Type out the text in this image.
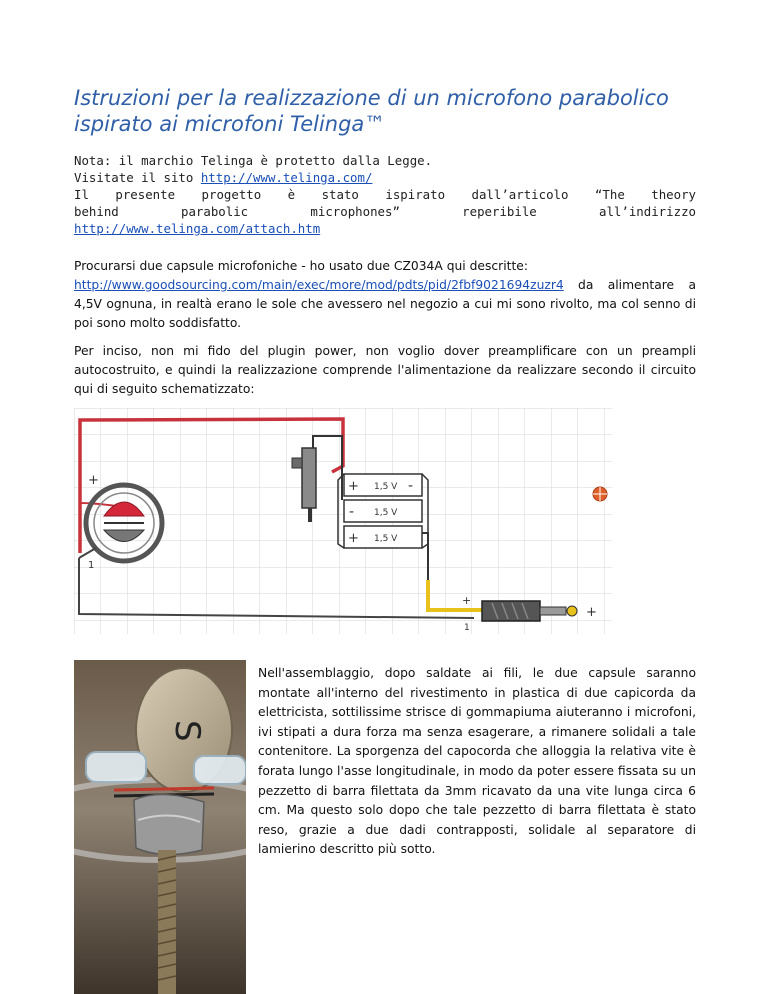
Istruzioni per la realizzazione di un microfono parabolico ispirato ai microfoni Telinga™
Nota: il marchio Telinga è protetto dalla Legge.
Visitate il sito http://www.telinga.com/
Il presente progetto è stato ispirato dall’articolo “The theory
behind parabolic microphones” reperibile all’indirizzo
http://www.telinga.com/attach.htm
Procurarsi due capsule microfoniche - ho usato due CZ034A qui descritte:
http://www.goodsourcing.com/main/exec/more/mod/pdts/pid/2fbf9021694zuzr4 da alimentare a 4,5V ognuna, in realtà erano le sole che avessero nel negozio a cui mi sono rivolto, ma col senno di poi sono molto soddisfatto.
Per inciso, non mi fido del plugin power, non voglio dover preamplificare con un preampli autocostruito, e quindi la realizzazione comprende l'alimentazione da realizzare secondo il circuito qui di seguito schematizzato:
+
1
1,5 V
1,5 V
1,5 V
+
-
+
-
+
1
+
S
Nell'assemblaggio, dopo saldate ai fili, le due capsule saranno montate all'interno del rivestimento in plastica di due capicorda da elettricista, sottilissime strisce di gommapiuma aiuteranno i microfoni, ivi stipati a dura forza ma senza esagerare, a rimanere solidali a tale contenitore. La sporgenza del capocorda che alloggia la relativa vite è forata lungo l'asse longitudinale, in modo da poter essere fissata su un pezzetto di barra filettata da 3mm ricavato da una vite lunga circa 6 cm. Ma questo solo dopo che tale pezzetto di barra filettata è stato reso, grazie a due dadi contrapposti, solidale al separatore di lamierino descritto più sotto.
